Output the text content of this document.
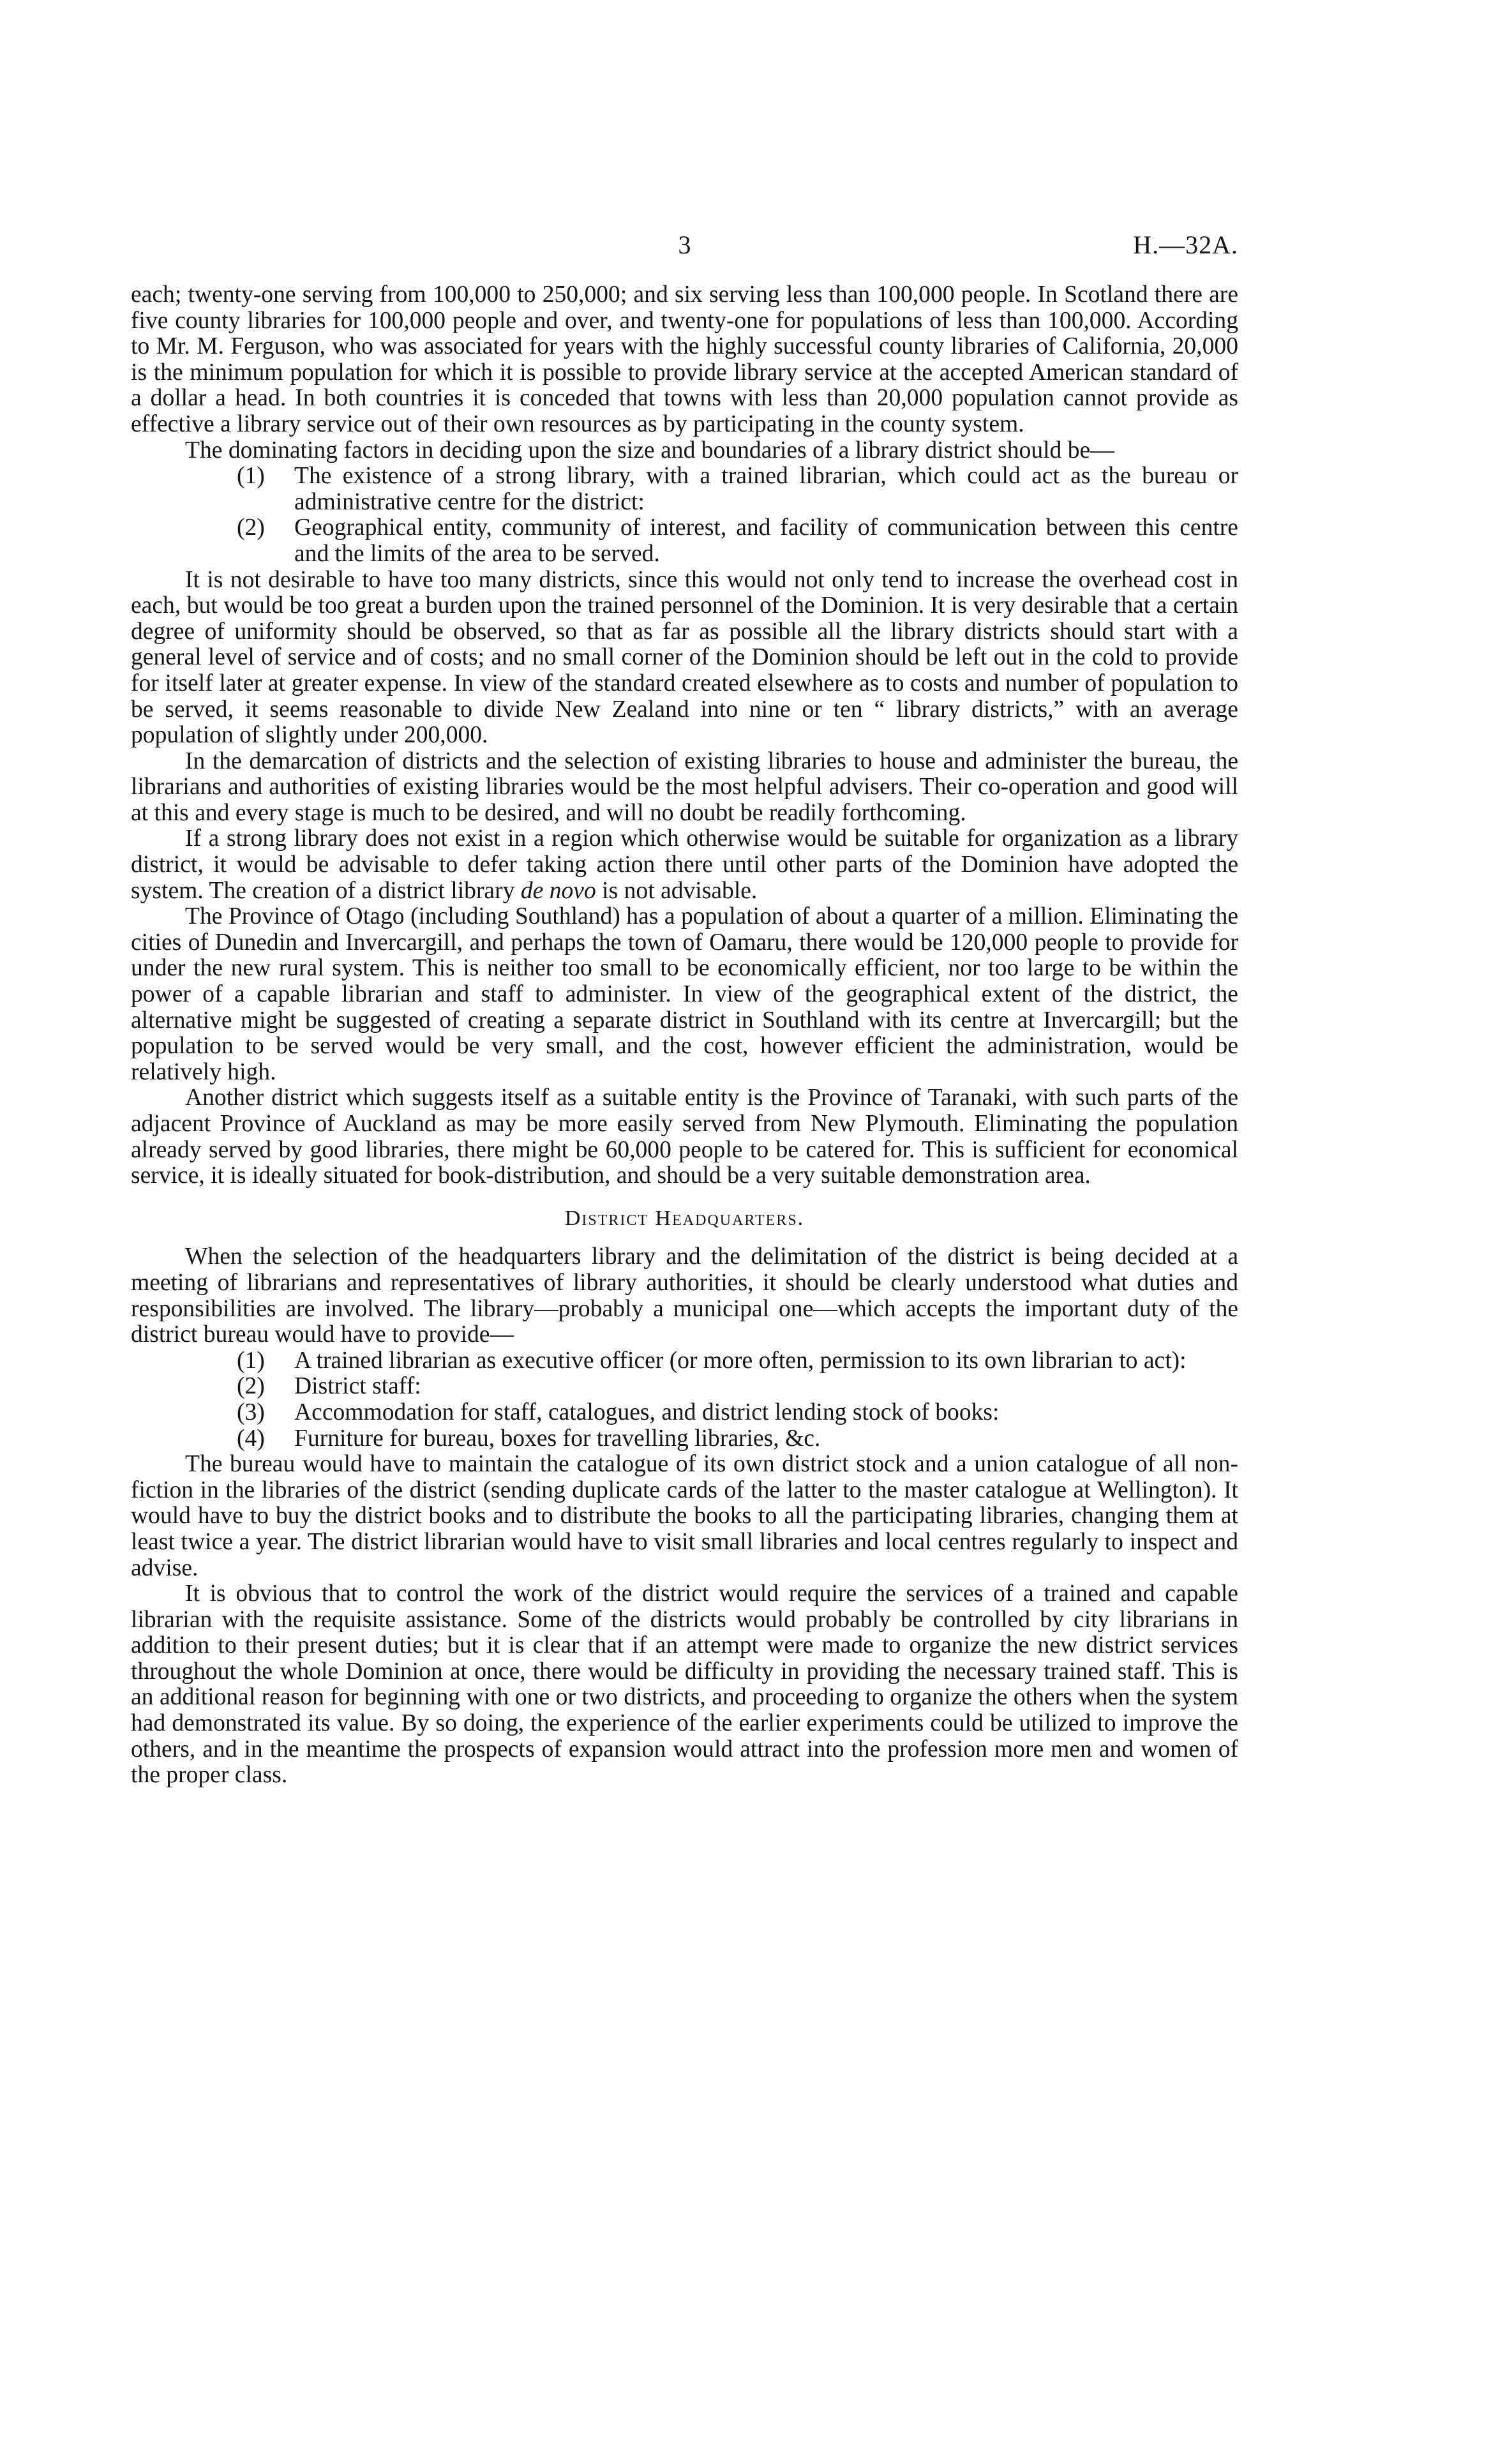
3	H.—32A.

each; twenty-one serving from 100,000 to 250,000; and six serving less than 100,000 people. In Scotland there are five county libraries for 100,000 people and over, and twenty-one for populations of less than 100,000. According to Mr. M. Ferguson, who was associated for years with the highly successful county libraries of California, 20,000 is the minimum population for which it is possible to provide library service at the accepted American standard of a dollar a head. In both countries it is conceded that towns with less than 20,000 population cannot provide as effective a library service out of their own resources as by participating in the county system.

The dominating factors in deciding upon the size and boundaries of a library district should be—

(1) The existence of a strong library, with a trained librarian, which could act as the bureau or administrative centre for the district:
(2) Geographical entity, community of interest, and facility of communication between this centre and the limits of the area to be served.

It is not desirable to have too many districts, since this would not only tend to increase the overhead cost in each, but would be too great a burden upon the trained personnel of the Dominion. It is very desirable that a certain degree of uniformity should be observed, so that as far as possible all the library districts should start with a general level of service and of costs; and no small corner of the Dominion should be left out in the cold to provide for itself later at greater expense. In view of the standard created elsewhere as to costs and number of population to be served, it seems reasonable to divide New Zealand into nine or ten “ library districts,” with an average population of slightly under 200,000.

In the demarcation of districts and the selection of existing libraries to house and administer the bureau, the librarians and authorities of existing libraries would be the most helpful advisers. Their co-operation and good will at this and every stage is much to be desired, and will no doubt be readily forthcoming.

If a strong library does not exist in a region which otherwise would be suitable for organization as a library district, it would be advisable to defer taking action there until other parts of the Dominion have adopted the system. The creation of a district library de novo is not advisable.

The Province of Otago (including Southland) has a population of about a quarter of a million. Eliminating the cities of Dunedin and Invercargill, and perhaps the town of Oamaru, there would be 120,000 people to provide for under the new rural system. This is neither too small to be economically efficient, nor too large to be within the power of a capable librarian and staff to administer. In view of the geographical extent of the district, the alternative might be suggested of creating a separate district in Southland with its centre at Invercargill; but the population to be served would be very small, and the cost, however efficient the administration, would be relatively high.

Another district which suggests itself as a suitable entity is the Province of Taranaki, with such parts of the adjacent Province of Auckland as may be more easily served from New Plymouth. Eliminating the population already served by good libraries, there might be 60,000 people to be catered for. This is sufficient for economical service, it is ideally situated for book-distribution, and should be a very suitable demonstration area.

District Headquarters.

When the selection of the headquarters library and the delimitation of the district is being decided at a meeting of librarians and representatives of library authorities, it should be clearly understood what duties and responsibilities are involved. The library—probably a municipal one—which accepts the important duty of the district bureau would have to provide—

(1) A trained librarian as executive officer (or more often, permission to its own librarian to act):
(2) District staff:
(3) Accommodation for staff, catalogues, and district lending stock of books:
(4) Furniture for bureau, boxes for travelling libraries, &c.

The bureau would have to maintain the catalogue of its own district stock and a union catalogue of all non-fiction in the libraries of the district (sending duplicate cards of the latter to the master catalogue at Wellington). It would have to buy the district books and to distribute the books to all the participating libraries, changing them at least twice a year. The district librarian would have to visit small libraries and local centres regularly to inspect and advise.

It is obvious that to control the work of the district would require the services of a trained and capable librarian with the requisite assistance. Some of the districts would probably be controlled by city librarians in addition to their present duties; but it is clear that if an attempt were made to organize the new district services throughout the whole Dominion at once, there would be difficulty in providing the necessary trained staff. This is an additional reason for beginning with one or two districts, and proceeding to organize the others when the system had demonstrated its value. By so doing, the experience of the earlier experiments could be utilized to improve the others, and in the meantime the prospects of expansion would attract into the profession more men and women of the proper class.
